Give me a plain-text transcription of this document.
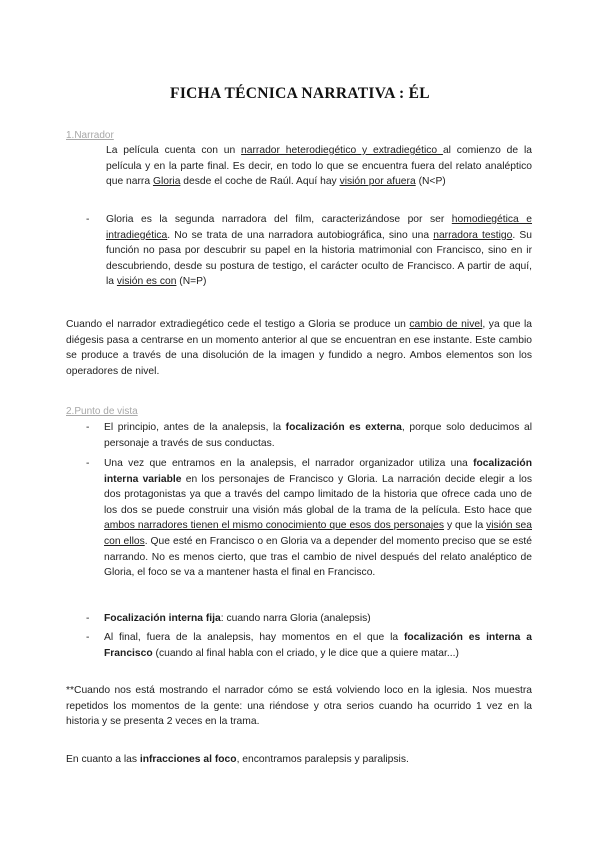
FICHA TÉCNICA NARRATIVA : ÉL
1.Narrador
La película cuenta con un narrador heterodiegético y extradiegético al comienzo de la película y en la parte final. Es decir, en todo lo que se encuentra fuera del relato analéptico que narra Gloria desde el coche de Raúl. Aquí hay visión por afuera (N<P)
-	Gloria es la segunda narradora del film, caracterizándose por ser homodiegética e intradiegética. No se trata de una narradora autobiográfica, sino una narradora testigo. Su función no pasa por descubrir su papel en la historia matrimonial con Francisco, sino en ir descubriendo, desde su postura de testigo, el carácter oculto de Francisco. A partir de aquí, la visión es con (N=P)
Cuando el narrador extradiegético cede el testigo a Gloria se produce un cambio de nivel, ya que la diégesis pasa a centrarse en un momento anterior al que se encuentran en ese instante. Este cambio se produce a través de una disolución de la imagen y fundido a negro. Ambos elementos son los operadores de nivel.
2.Punto de vista
-	El principio, antes de la analepsis, la focalización es externa, porque solo deducimos al personaje a través de sus conductas.
-	Una vez que entramos en la analepsis, el narrador organizador utiliza una focalización interna variable en los personajes de Francisco y Gloria. La narración decide elegir a los dos protagonistas ya que a través del campo limitado de la historia que ofrece cada uno de los dos se puede construir una visión más global de la trama de la película. Esto hace que ambos narradores tienen el mismo conocimiento que esos dos personajes y que la visión sea con ellos. Que esté en Francisco o en Gloria va a depender del momento preciso que se esté narrando. No es menos cierto, que tras el cambio de nivel después del relato analéptico de Gloria, el foco se va a mantener hasta el final en Francisco.
-	Focalización interna fija: cuando narra Gloria (analepsis)
-	Al final, fuera de la analepsis, hay momentos en el que la focalización es interna a Francisco (cuando al final habla con el criado, y le dice que a quiere matar...)
**Cuando nos está mostrando el narrador cómo se está volviendo loco en la iglesia. Nos muestra repetidos los momentos de la gente: una riéndose y otra serios cuando ha ocurrido 1 vez en la historia y se presenta 2 veces en la trama.
En cuanto a las infracciones al foco, encontramos paralepsis y paralipsis.
